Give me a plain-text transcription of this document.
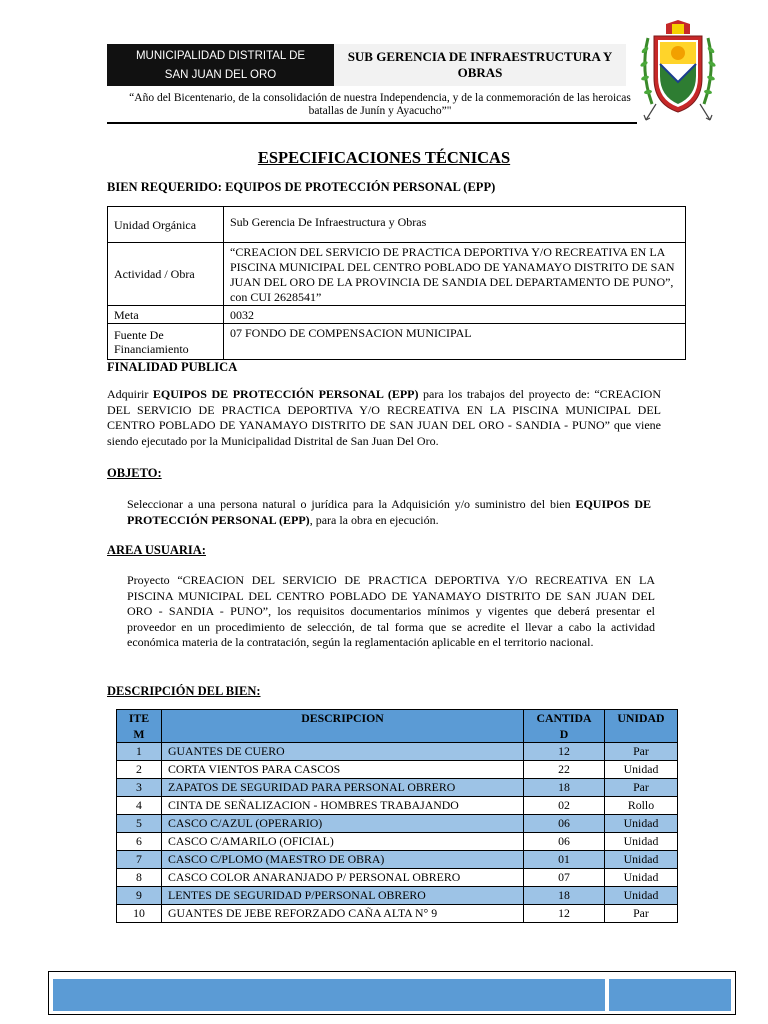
MUNICIPALIDAD DISTRITAL DE
SAN JUAN DEL ORO
SUB GERENCIA DE INFRAESTRUCTURA Y
OBRAS
“Año del Bicentenario, de la consolidación de nuestra Independencia, y de la conmemoración de las heroicas
batallas de Junín y Ayacucho”"
ESPECIFICACIONES TÉCNICAS
BIEN REQUERIDO: EQUIPOS DE PROTECCIÓN PERSONAL (EPP)
Unidad Orgánica	Sub Gerencia De Infraestructura y Obras
Actividad / Obra	“CREACION DEL SERVICIO DE PRACTICA DEPORTIVA Y/O RECREATIVA EN LA PISCINA MUNICIPAL DEL CENTRO POBLADO DE YANAMAYO DISTRITO DE SAN JUAN DEL ORO DE LA PROVINCIA DE SANDIA DEL DEPARTAMENTO DE PUNO”, con CUI 2628541”
Meta	0032
Fuente De Financiamiento	07 FONDO DE COMPENSACION MUNICIPAL
FINALIDAD PUBLICA
Adquirir EQUIPOS DE PROTECCIÓN PERSONAL (EPP) para los trabajos del proyecto de: “CREACION DEL SERVICIO DE PRACTICA DEPORTIVA Y/O RECREATIVA EN LA PISCINA MUNICIPAL DEL CENTRO POBLADO DE YANAMAYO DISTRITO DE SAN JUAN DEL ORO - SANDIA - PUNO” que viene siendo ejecutado por la Municipalidad Distrital de San Juan Del Oro.
OBJETO:
Seleccionar a una persona natural o jurídica para la Adquisición y/o suministro del bien EQUIPOS DE PROTECCIÓN PERSONAL (EPP), para la obra en ejecución.
AREA USUARIA:
Proyecto “CREACION DEL SERVICIO DE PRACTICA DEPORTIVA Y/O RECREATIVA EN LA PISCINA MUNICIPAL DEL CENTRO POBLADO DE YANAMAYO DISTRITO DE SAN JUAN DEL ORO - SANDIA - PUNO”, los requisitos documentarios mínimos y vigentes que deberá presentar el proveedor en un procedimiento de selección, de tal forma que se acredite el llevar a cabo la actividad económica materia de la contratación, según la reglamentación aplicable en el territorio nacional.
DESCRIPCIÓN DEL BIEN:
ITE
M	DESCRIPCION	CANTIDA
D	UNIDAD
1	GUANTES DE CUERO	12	Par
2	CORTA VIENTOS PARA CASCOS	22	Unidad
3	ZAPATOS DE SEGURIDAD PARA PERSONAL OBRERO	18	Par
4	CINTA DE SEÑALIZACION - HOMBRES TRABAJANDO	02	Rollo
5	CASCO C/AZUL (OPERARIO)	06	Unidad
6	CASCO C/AMARILO (OFICIAL)	06	Unidad
7	CASCO C/PLOMO (MAESTRO DE OBRA)	01	Unidad
8	CASCO COLOR ANARANJADO P/ PERSONAL OBRERO	07	Unidad
9	LENTES DE SEGURIDAD P/PERSONAL OBRERO	18	Unidad
10	GUANTES DE JEBE REFORZADO CAÑA ALTA N° 9	12	Par
